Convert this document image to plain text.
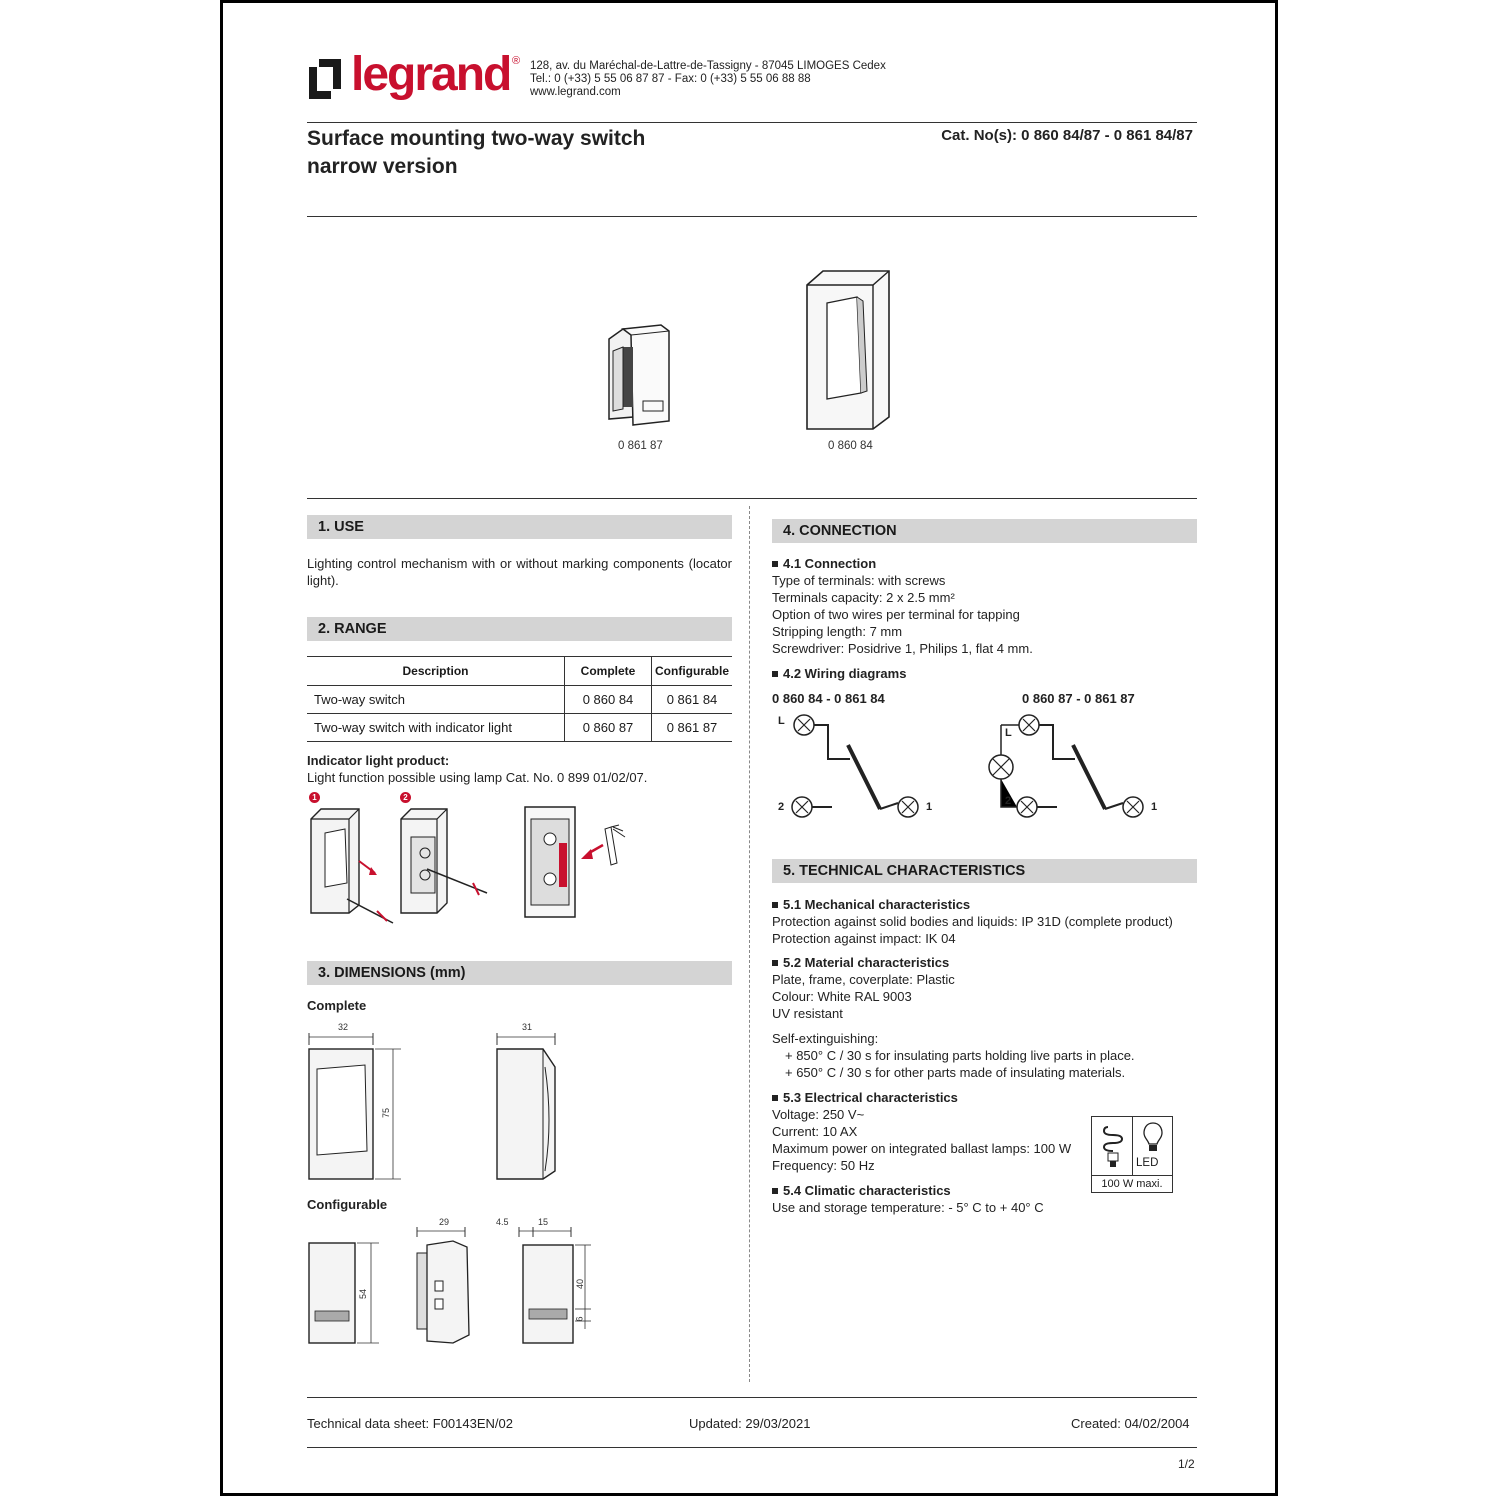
legrand ® 128, av. du Maréchal-de-Lattre-de-Tassigny - 87045 LIMOGES Cedex
Tel.: 0 (+33) 5 55 06 87 87 - Fax: 0 (+33) 5 55 06 88 88
www.legrand.com
Surface mounting two-way switch
narrow version
Cat. No(s): 0 860 84/87 - 0 861 84/87
0 861 87	0 860 84
1. USE
Lighting control mechanism with or without marking components (locator light).
2. RANGE
Description	Complete	Configurable
Two-way switch	0 860 84	0 861 84
Two-way switch with indicator light	0 860 87	0 861 87
Indicator light product:
Light function possible using lamp Cat. No. 0 899 01/02/07.
1	2
3. DIMENSIONS (mm)
Complete
32
75
31
Configurable
54
29	4.5	15
40
6
4. CONNECTION
4.1 Connection
Type of terminals: with screws
Terminals capacity: 2 x 2.5 mm²
Option of two wires per terminal for tapping
Stripping length: 7 mm
Screwdriver: Posidrive 1, Philips 1, flat 4 mm.
4.2 Wiring diagrams
0 860 84 - 0 861 84	0 860 87 - 0 861 87
L
2	1
L
2	1
5. TECHNICAL CHARACTERISTICS
5.1 Mechanical characteristics
Protection against solid bodies and liquids: IP 31D (complete product)
Protection against impact: IK 04
5.2 Material characteristics
Plate, frame, coverplate: Plastic
Colour: White RAL 9003
UV resistant
Self-extinguishing:
+ 850° C / 30 s for insulating parts holding live parts in place.
+ 650° C / 30 s for other parts made of insulating materials.
5.3 Electrical characteristics
Voltage: 250 V~
Current: 10 AX
Maximum power on integrated ballast lamps: 100 W
Frequency: 50 Hz	LED
100 W maxi.
5.4 Climatic characteristics
Use and storage temperature: - 5° C to + 40° C
Technical data sheet: F00143EN/02	Updated: 29/03/2021	Created: 04/02/2004
1/2
